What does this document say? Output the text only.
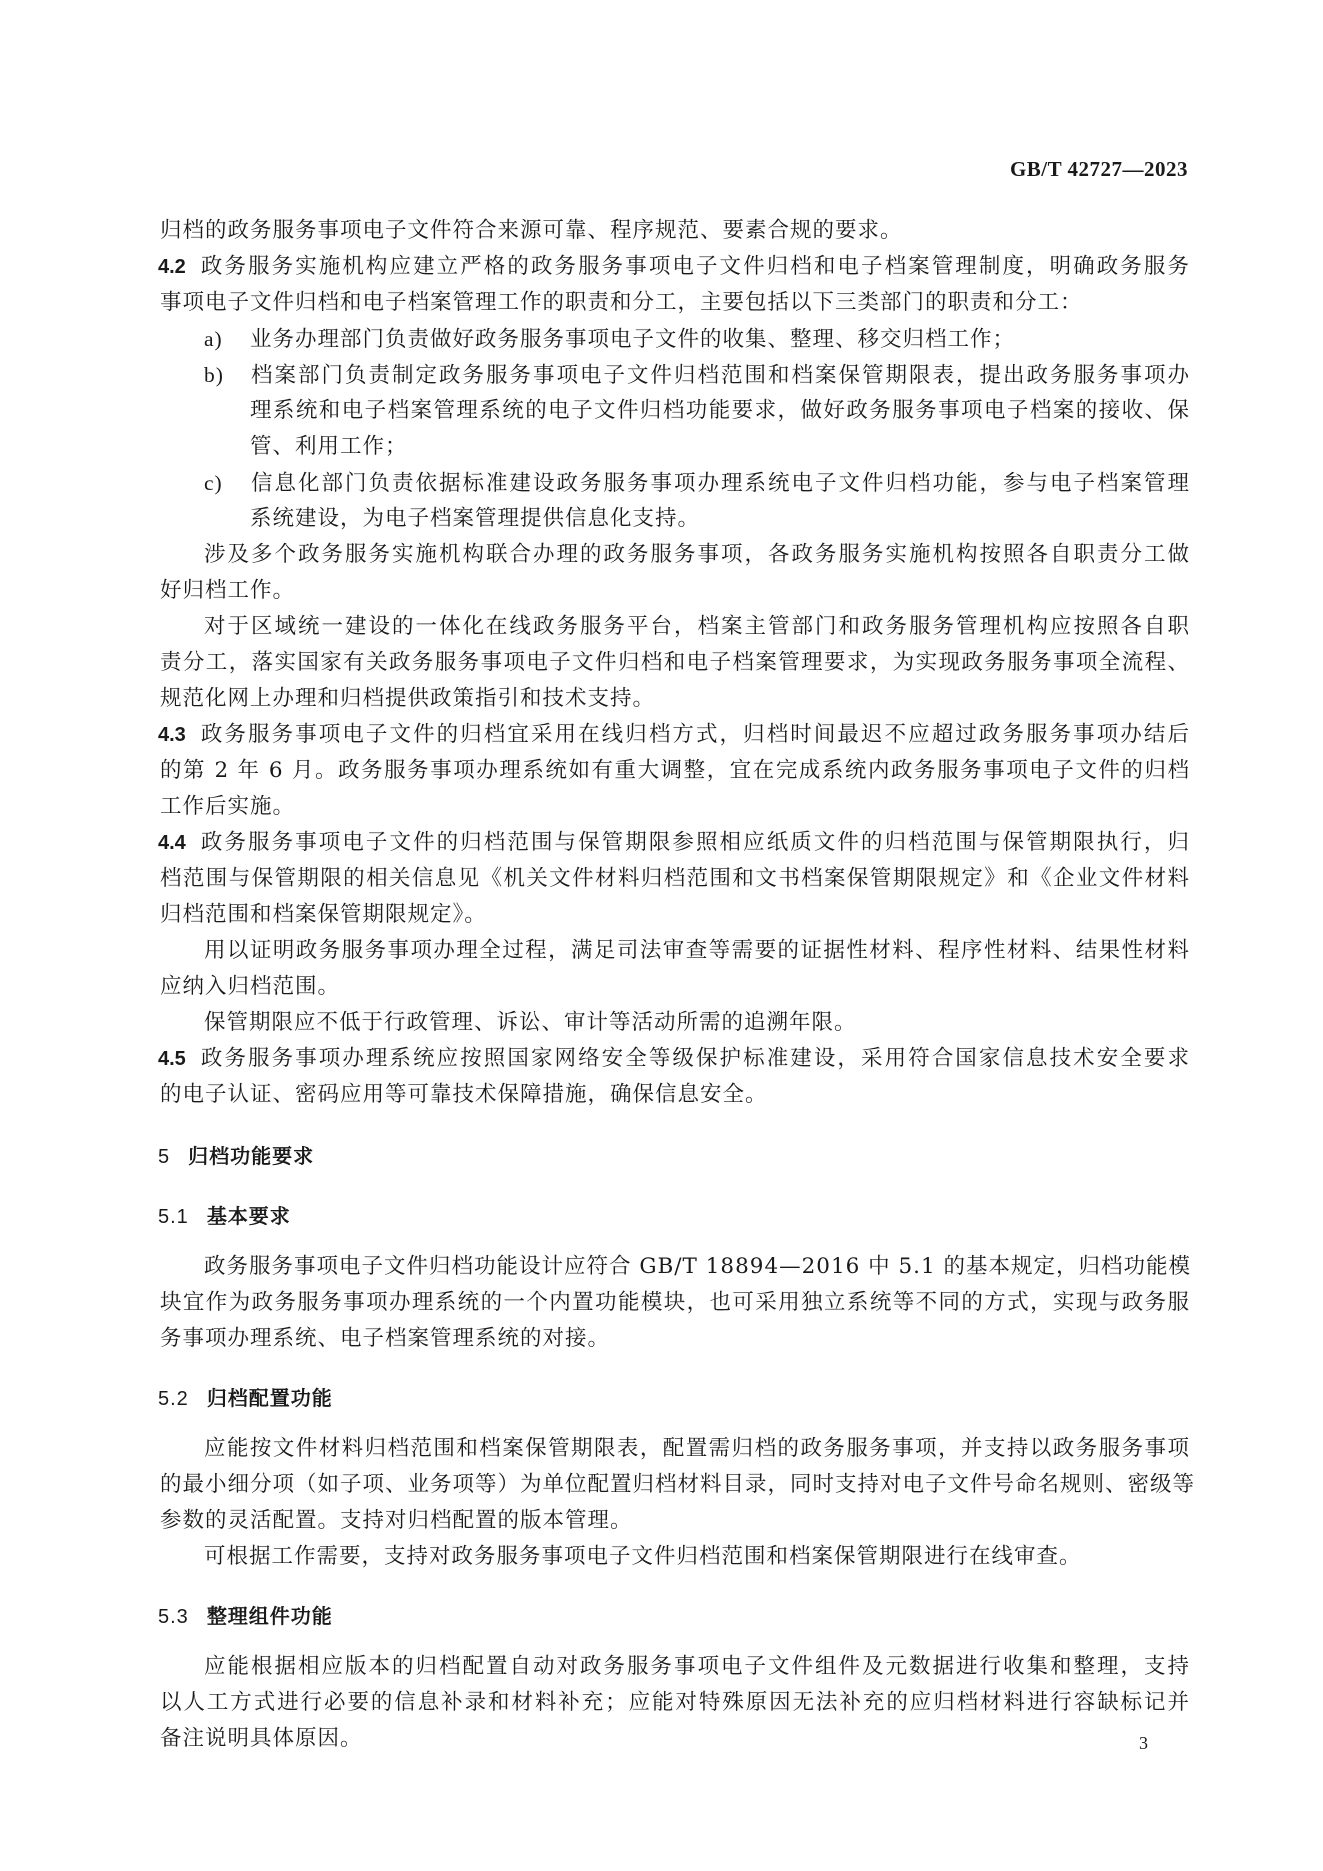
GB/T 42727—2023
归档的政务服务事项电子文件符合来源可靠、程序规范、要素合规的要求。
4.2 政务服务实施机构应建立严格的政务服务事项电子文件归档和电子档案管理制度，明确政务服务
事项电子文件归档和电子档案管理工作的职责和分工，主要包括以下三类部门的职责和分工：
a) 业务办理部门负责做好政务服务事项电子文件的收集、整理、移交归档工作；
b) 档案部门负责制定政务服务事项电子文件归档范围和档案保管期限表，提出政务服务事项办
理系统和电子档案管理系统的电子文件归档功能要求，做好政务服务事项电子档案的接收、保
管、利用工作；
c) 信息化部门负责依据标准建设政务服务事项办理系统电子文件归档功能，参与电子档案管理
系统建设，为电子档案管理提供信息化支持。
涉及多个政务服务实施机构联合办理的政务服务事项，各政务服务实施机构按照各自职责分工做
好归档工作。
对于区域统一建设的一体化在线政务服务平台，档案主管部门和政务服务管理机构应按照各自职
责分工，落实国家有关政务服务事项电子文件归档和电子档案管理要求，为实现政务服务事项全流程、
规范化网上办理和归档提供政策指引和技术支持。
4.3 政务服务事项电子文件的归档宜采用在线归档方式，归档时间最迟不应超过政务服务事项办结后
的第 2 年 6 月。政务服务事项办理系统如有重大调整，宜在完成系统内政务服务事项电子文件的归档
工作后实施。
4.4 政务服务事项电子文件的归档范围与保管期限参照相应纸质文件的归档范围与保管期限执行，归
档范围与保管期限的相关信息见《机关文件材料归档范围和文书档案保管期限规定》和《企业文件材料
归档范围和档案保管期限规定》。
用以证明政务服务事项办理全过程，满足司法审查等需要的证据性材料、程序性材料、结果性材料
应纳入归档范围。
保管期限应不低于行政管理、诉讼、审计等活动所需的追溯年限。
4.5 政务服务事项办理系统应按照国家网络安全等级保护标准建设，采用符合国家信息技术安全要求
的电子认证、密码应用等可靠技术保障措施，确保信息安全。
5 归档功能要求
5.1 基本要求
政务服务事项电子文件归档功能设计应符合 GB/T 18894—2016 中 5.1 的基本规定，归档功能模
块宜作为政务服务事项办理系统的一个内置功能模块，也可采用独立系统等不同的方式，实现与政务服
务事项办理系统、电子档案管理系统的对接。
5.2 归档配置功能
应能按文件材料归档范围和档案保管期限表，配置需归档的政务服务事项，并支持以政务服务事项
的最小细分项（如子项、业务项等）为单位配置归档材料目录，同时支持对电子文件号命名规则、密级等
参数的灵活配置。支持对归档配置的版本管理。
可根据工作需要，支持对政务服务事项电子文件归档范围和档案保管期限进行在线审查。
5.3 整理组件功能
应能根据相应版本的归档配置自动对政务服务事项电子文件组件及元数据进行收集和整理，支持
以人工方式进行必要的信息补录和材料补充；应能对特殊原因无法补充的应归档材料进行容缺标记并
备注说明具体原因。	3
